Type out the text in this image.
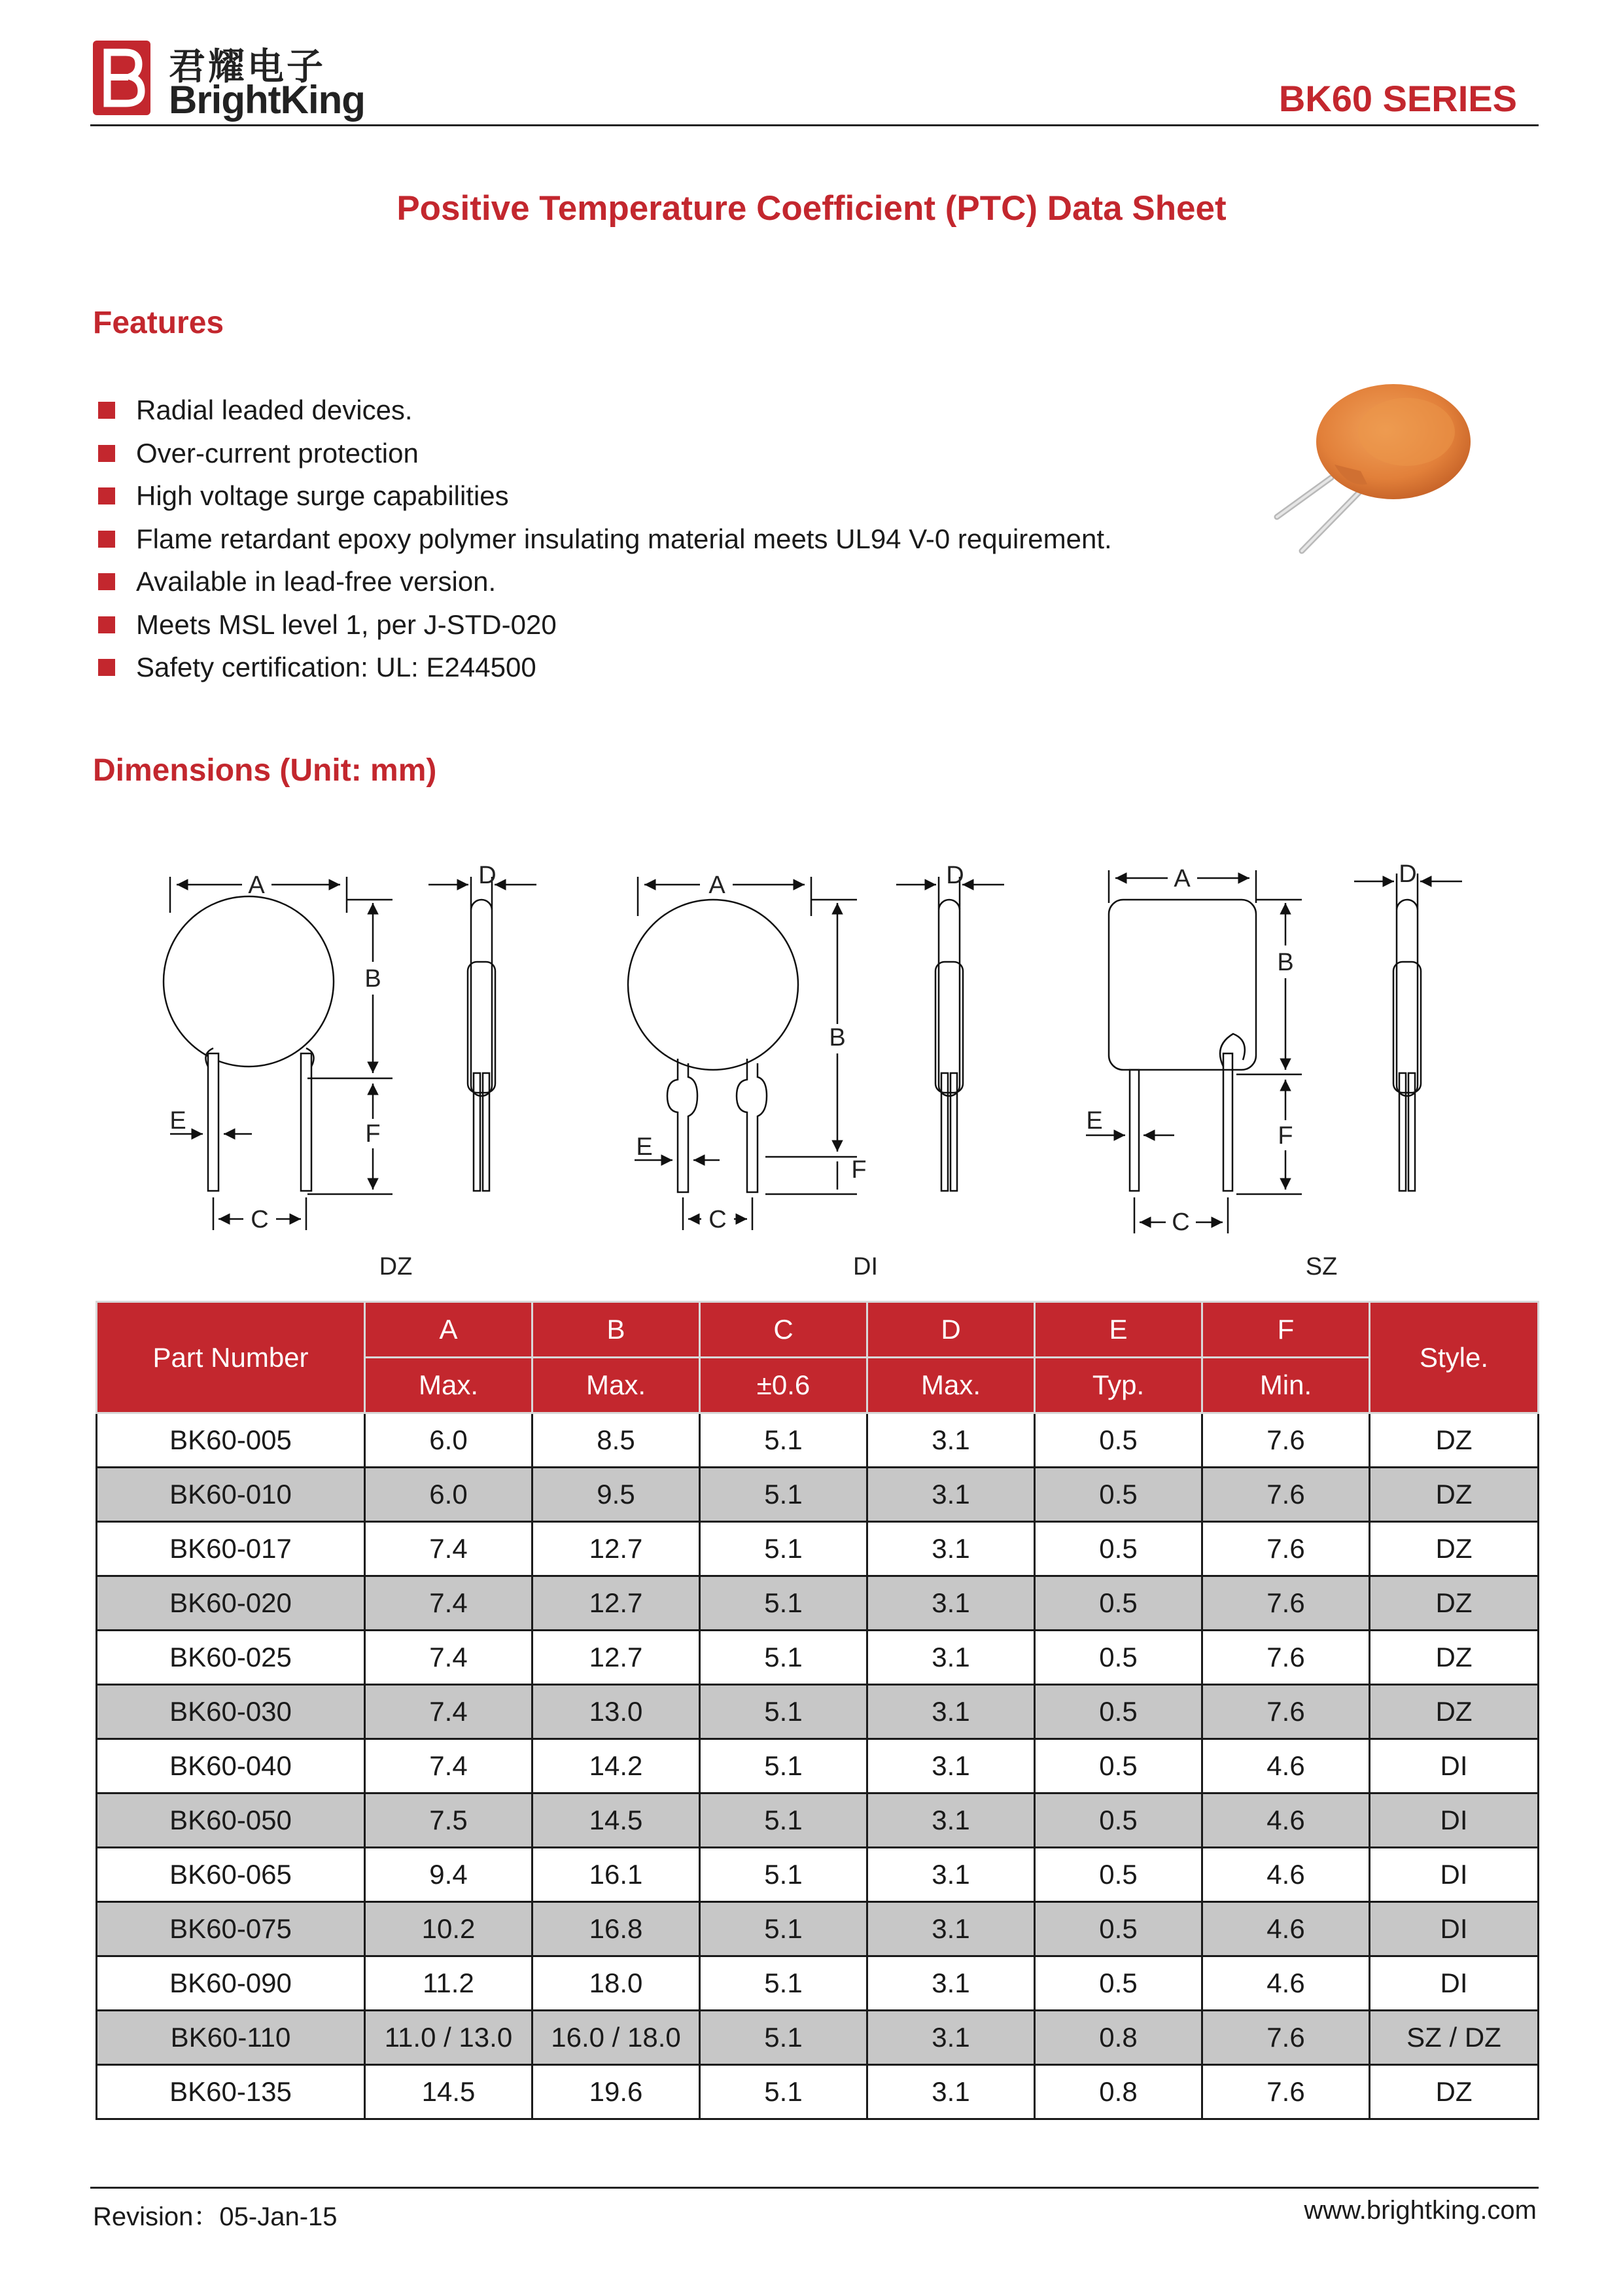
君耀电子
BrightKing	BK60 SERIES
Positive Temperature Coefficient (PTC) Data Sheet
Features
Radial leaded devices.
Over-current protection
High voltage surge capabilities
Flame retardant epoxy polymer insulating material meets UL94 V-0 requirement.
Available in lead-free version.
Meets MSL level 1, per J-STD-020
Safety certification: UL: E244500
Dimensions (Unit: mm)
A
B
F
C
E
D
DZ
A
B
F
C
E
D
DI
A
B
F
C
E
D
SZ
Part Number	A	B	C	D	E	F	Style.
	Max.	Max.	±0.6	Max.	Typ.	Min.	
BK60-005	6.0	8.5	5.1	3.1	0.5	7.6	DZ
BK60-010	6.0	9.5	5.1	3.1	0.5	7.6	DZ
BK60-017	7.4	12.7	5.1	3.1	0.5	7.6	DZ
BK60-020	7.4	12.7	5.1	3.1	0.5	7.6	DZ
BK60-025	7.4	12.7	5.1	3.1	0.5	7.6	DZ
BK60-030	7.4	13.0	5.1	3.1	0.5	7.6	DZ
BK60-040	7.4	14.2	5.1	3.1	0.5	4.6	DI
BK60-050	7.5	14.5	5.1	3.1	0.5	4.6	DI
BK60-065	9.4	16.1	5.1	3.1	0.5	4.6	DI
BK60-075	10.2	16.8	5.1	3.1	0.5	4.6	DI
BK60-090	11.2	18.0	5.1	3.1	0.5	4.6	DI
BK60-110	11.0 / 13.0	16.0 / 18.0	5.1	3.1	0.8	7.6	SZ / DZ
BK60-135	14.5	19.6	5.1	3.1	0.8	7.6	DZ
Revision：05-Jan-15	www.brightking.com
